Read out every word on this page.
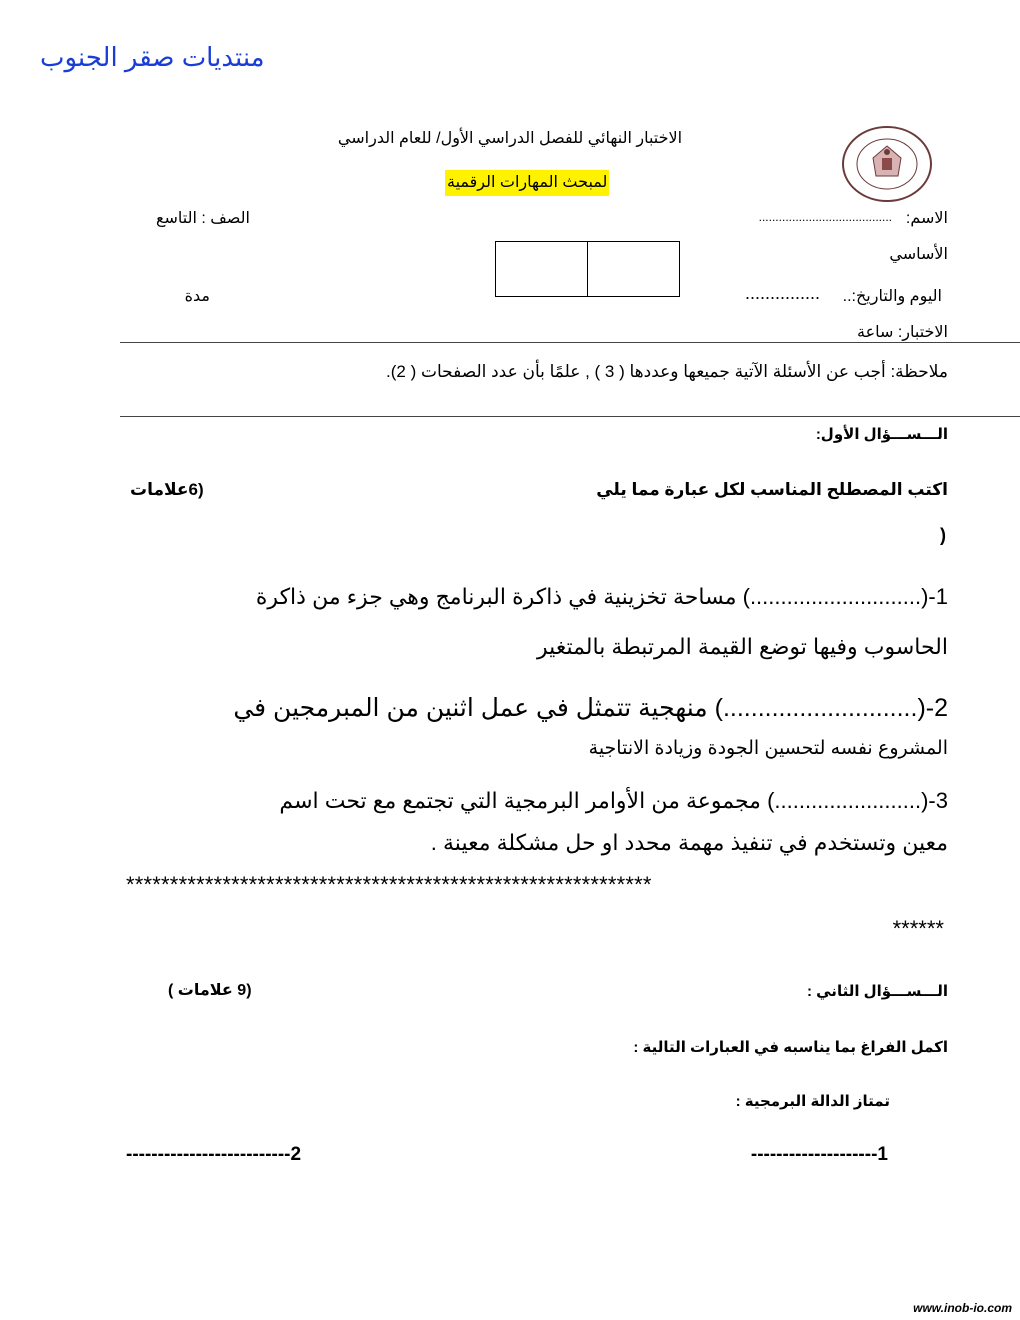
منتديات صقر الجنوب
الاختبار النهائي للفصل الدراسي الأول/ للعام الدراسي
لمبحث المهارات الرقمية
الاسم:
........................................
الصف : التاسع
الأساسي
اليوم والتاريخ:..
...............
مدة
الاختبار: ساعة
ملاحظة: أجب عن الأسئلة الآتية جميعها وعددها ( 3 ) , علمًا بأن عدد الصفحات ( 2).
الـــســـؤال الأول:
اكتب المصطلح المناسب لكل عبارة مما يلي
(6علامات
)
1-(............................) مساحة تخزينية في ذاكرة البرنامج وهي جزء من ذاكرة
الحاسوب وفيها توضع القيمة المرتبطة بالمتغير
2-(............................) منهجية تتمثل في عمل اثنين من المبرمجين في
المشروع نفسه لتحسين الجودة وزيادة الانتاجية
3-(........................) مجموعة من الأوامر البرمجية التي تجتمع مع تحت اسم
معين وتستخدم في تنفيذ مهمة محدد او حل مشكلة معينة .
************************************************************
******
الـــســـؤال الثاني :
(9 علامات )
اكمل الفراغ بما يناسبه في العبارات التالية :
تمتاز الدالة البرمجية :
1--------------------
2--------------------------
www.inob-io.com
